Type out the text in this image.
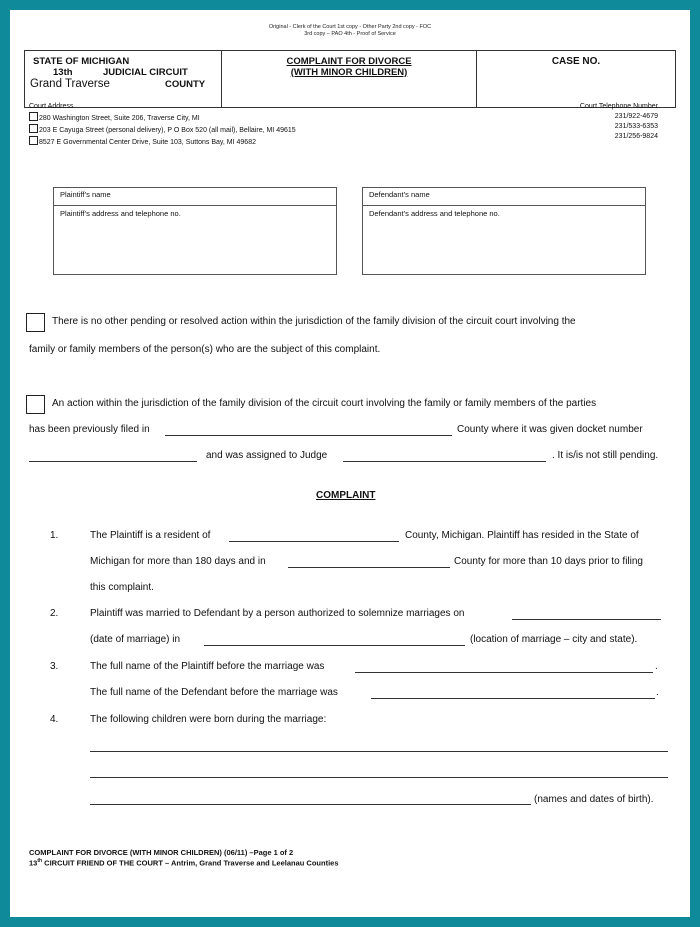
Original - Clerk of the Court 1st copy - Other Party 2nd copy - FOC
3rd copy – PAO 4th - Proof of Service
STATE OF MICHIGAN
13th	JUDICIAL CIRCUIT
Grand Traverse	COUNTY
COMPLAINT FOR DIVORCE
(WITH MINOR CHILDREN)
CASE NO.
Court Address
280 Washington Street, Suite 206, Traverse City, MI
203 E Cayuga Street (personal delivery), P O Box 520 (all mail), Bellaire, MI 49615
8527 E Governmental Center Drive, Suite 103, Suttons Bay, MI 49682
Court Telephone Number
231/922-4679
231/533-6353
231/256-9824
Plaintiff’s name
Plaintiff’s address and telephone no.
Defendant’s name
Defendant’s address and telephone no.
There is no other pending or resolved action within the jurisdiction of the family division of the circuit court involving the
family or family members of the person(s) who are the subject of this complaint.
An action within the jurisdiction of the family division of the circuit court involving the family or family members of the parties
has been previously filed in	County where it was given docket number
and was assigned to Judge	. It is/is not still pending.
COMPLAINT
1.	The Plaintiff is a resident of	County, Michigan. Plaintiff has resided in the State of
Michigan for more than 180 days and in	County for more than 10 days prior to filing
this complaint.
2.	Plaintiff was married to Defendant by a person authorized to solemnize marriages on
(date of marriage) in	(location of marriage – city and state).
3.	The full name of the Plaintiff before the marriage was	.
The full name of the Defendant before the marriage was	.
4.	The following children were born during the marriage:
(names and dates of birth).
COMPLAINT FOR DIVORCE (WITH MINOR CHILDREN) (06/11) –Page 1 of 2
13th CIRCUIT FRIEND OF THE COURT – Antrim, Grand Traverse and Leelanau Counties
